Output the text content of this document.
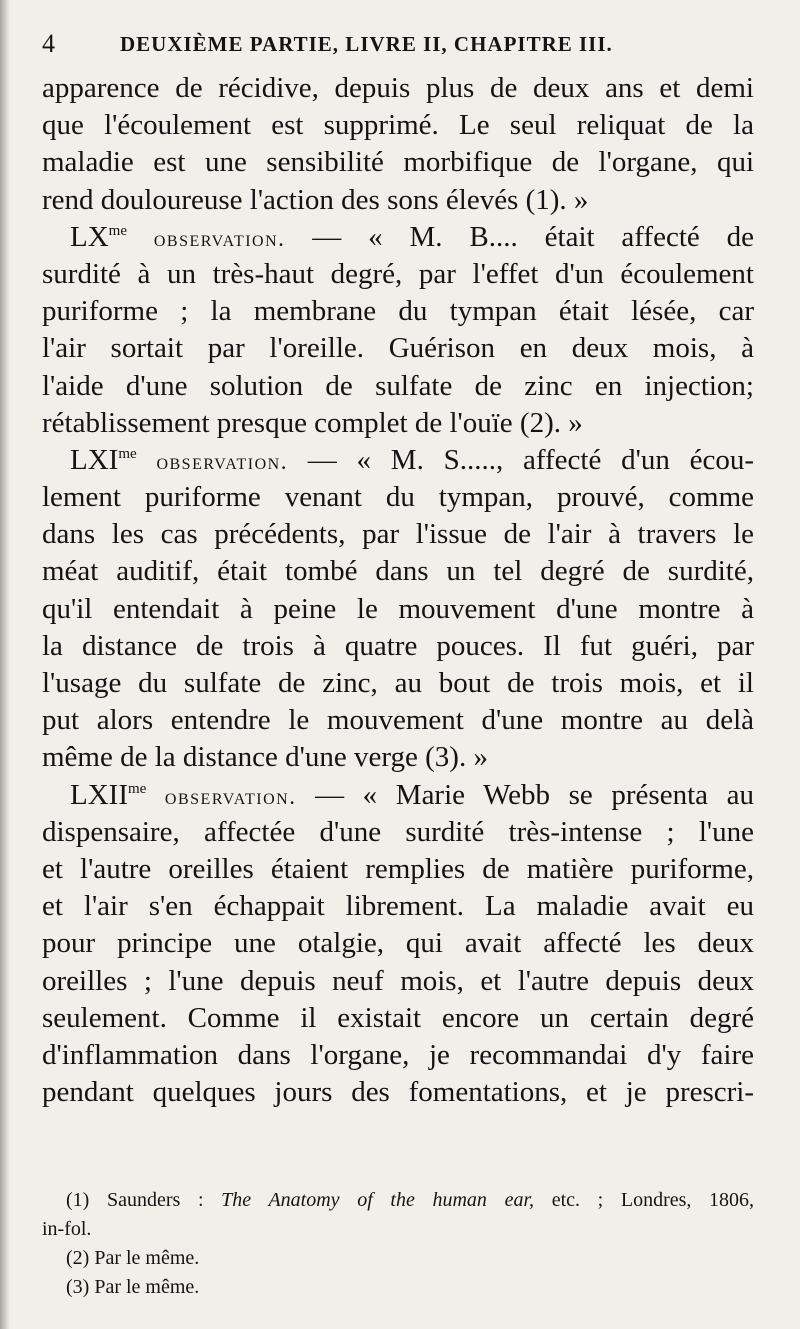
4	DEUXIÈME PARTIE, LIVRE II, CHAPITRE III.
apparence de récidive, depuis plus de deux ans et demi
que l'écoulement est supprimé. Le seul reliquat de la
maladie est une sensibilité morbifique de l'organe, qui
rend douloureuse l'action des sons élevés (1). »
$LX^{me}$ observation. — « M. B.... était affecté de
surdité à un très-haut degré, par l'effet d'un écoulement
puriforme ; la membrane du tympan était lésée, car
l'air sortait par l'oreille. Guérison en deux mois, à
l'aide d'une solution de sulfate de zinc en injection;
rétablissement presque complet de l'ouïe (2). »
$LXI^{me}$ observation. — « M. S....., affecté d'un écou-
lement puriforme venant du tympan, prouvé, comme
dans les cas précédents, par l'issue de l'air à travers le
méat auditif, était tombé dans un tel degré de surdité,
qu'il entendait à peine le mouvement d'une montre à
la distance de trois à quatre pouces. Il fut guéri, par
l'usage du sulfate de zinc, au bout de trois mois, et il
put alors entendre le mouvement d'une montre au delà
même de la distance d'une verge (3). »
$LXII^{me}$ observation. — « Marie Webb se présenta au
dispensaire, affectée d'une surdité très-intense ; l'une
et l'autre oreilles étaient remplies de matière puriforme,
et l'air s'en échappait librement. La maladie avait eu
pour principe une otalgie, qui avait affecté les deux
oreilles ; l'une depuis neuf mois, et l'autre depuis deux
seulement. Comme il existait encore un certain degré
d'inflammation dans l'organe, je recommandai d'y faire
pendant quelques jours des fomentations, et je prescri-
(1) Saunders : The Anatomy of the human ear, etc. ; Londres, 1806,
in-fol.
(2) Par le même.
(3) Par le même.
